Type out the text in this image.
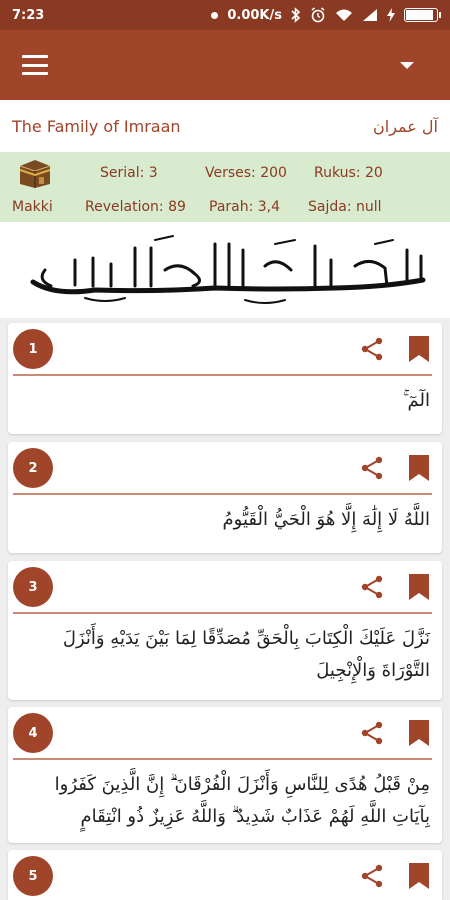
7:23	0.00K/s
The Family of Imraan	آل عمران
Serial: 3	Verses: 200 Rukus: 20
Makki Revelation: 89 Parah: 3,4 Sajda: null
1
الٓمٓ ۚ
2
اللَّهُ لَا إِلَٰهَ إِلَّا هُوَ الْحَيُّ الْقَيُّومُ
3
نَزَّلَ عَلَيْكَ الْكِتَابَ بِالْحَقِّ مُصَدِّقًا لِمَا بَيْنَ يَدَيْهِ وَأَنْزَلَ التَّوْرَاةَ وَالْإِنْجِيلَ
4
مِنْ قَبْلُ هُدًى لِلنَّاسِ وَأَنْزَلَ الْفُرْقَانَ ۗ إِنَّ الَّذِينَ كَفَرُوا بِآيَاتِ اللَّهِ لَهُمْ عَذَابٌ شَدِيدٌ ۗ وَاللَّهُ عَزِيزٌ ذُو انْتِقَامٍ
5
